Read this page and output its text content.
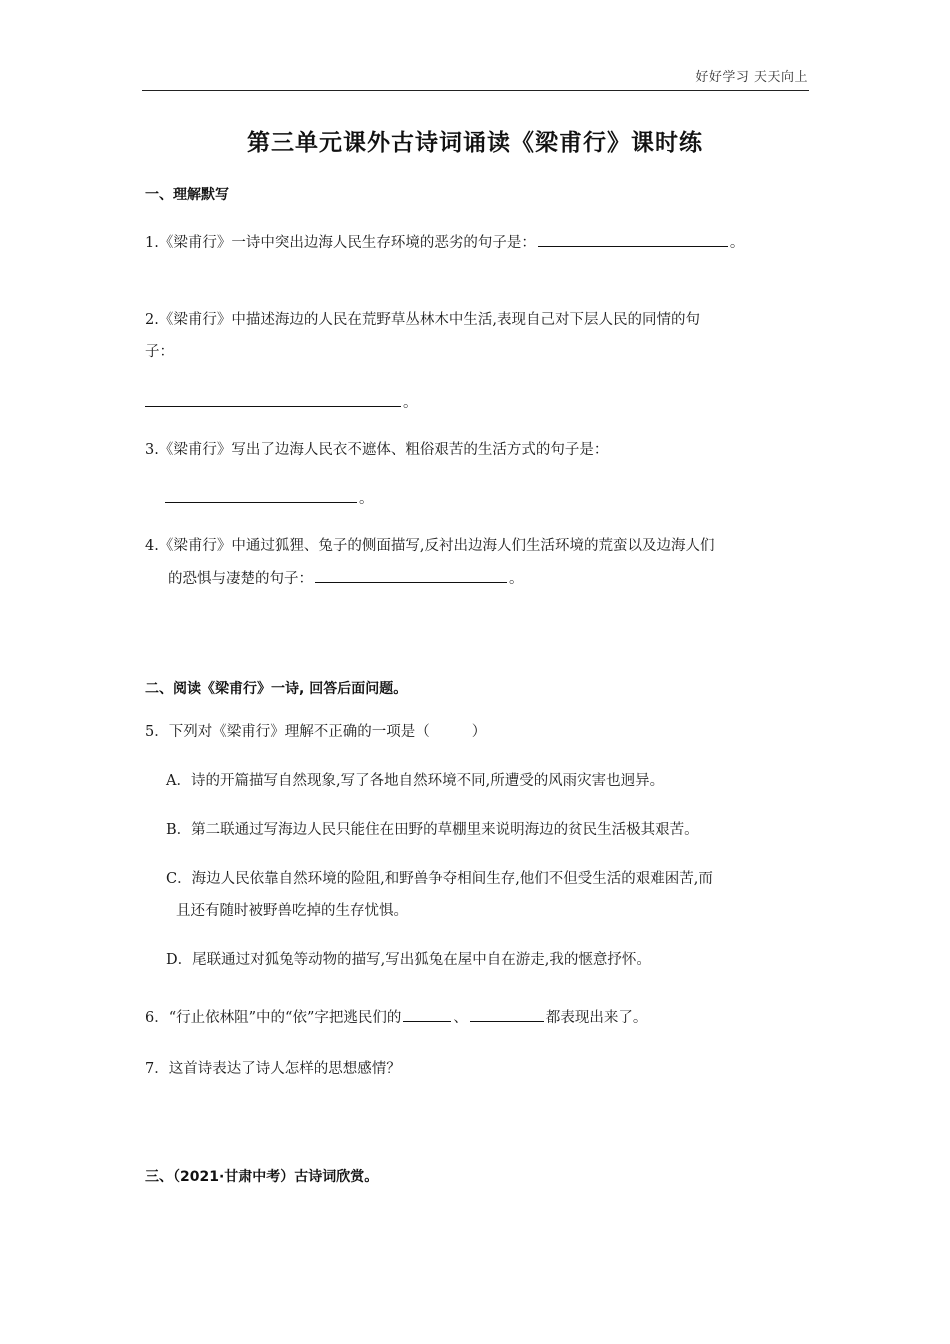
好好学习 天天向上
第三单元课外古诗词诵读《梁甫行》课时练
一、理解默写
1.《梁甫行》一诗中突出边海人民生存环境的恶劣的句子是：	。
2.《梁甫行》中描述海边的人民在荒野草丛林木中生活,表现自己对下层人民的同情的句
子：
。
3.《梁甫行》写出了边海人民衣不遮体、粗俗艰苦的生活方式的句子是：
。
4.《梁甫行》中通过狐狸、兔子的侧面描写,反衬出边海人们生活环境的荒蛮以及边海人们
的恐惧与凄楚的句子：	。
二、阅读《梁甫行》一诗, 回答后面问题。
5．下列对《梁甫行》理解不正确的一项是（	）
A．诗的开篇描写自然现象,写了各地自然环境不同,所遭受的风雨灾害也迥异。
B．第二联通过写海边人民只能住在田野的草棚里来说明海边的贫民生活极其艰苦。
C．海边人民依靠自然环境的险阻,和野兽争夺相间生存,他们不但受生活的艰难困苦,而
且还有随时被野兽吃掉的生存忧惧。
D．尾联通过对狐兔等动物的描写,写出狐兔在屋中自在游走,我的惬意抒怀。
6．“行止依林阻”中的“依”字把逃民们的	、	都表现出来了。
7．这首诗表达了诗人怎样的思想感情？
三、（2021·甘肃中考）古诗词欣赏。
